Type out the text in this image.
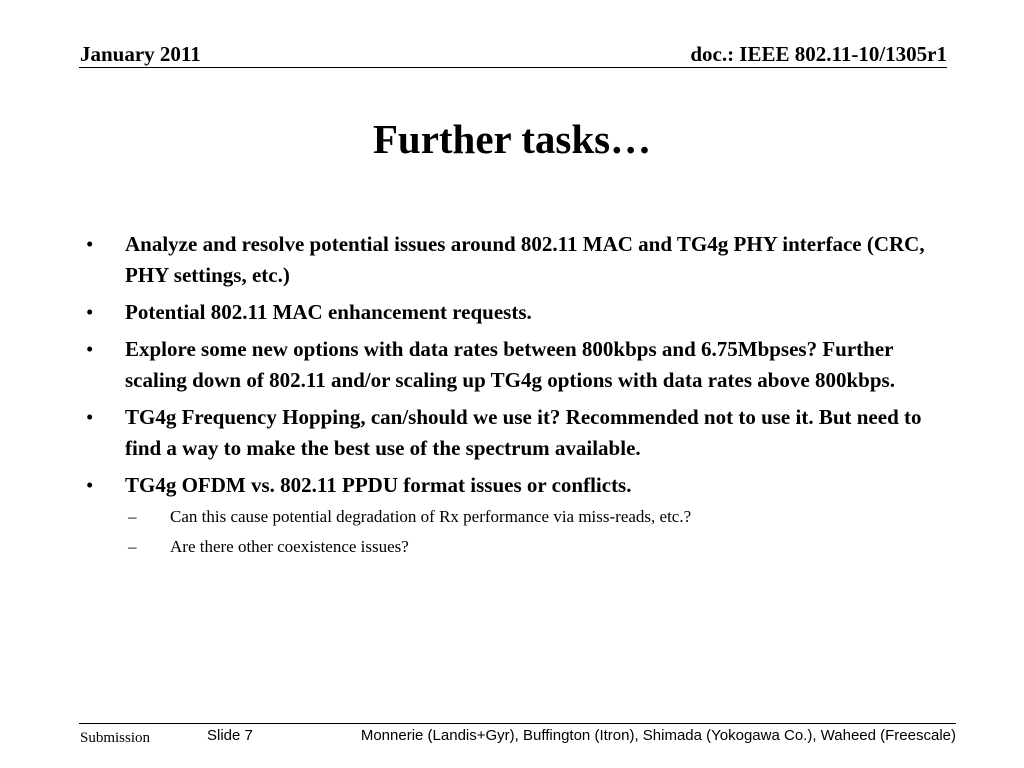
January 2011	doc.: IEEE 802.11-10/1305r1
Further tasks…
•	Analyze and resolve potential issues around 802.11 MAC and TG4g PHY interface (CRC, PHY settings, etc.)
•	Potential 802.11 MAC enhancement requests.
•	Explore some new options with data rates between 800kbps and 6.75Mbpses? Further scaling down of 802.11 and/or scaling up TG4g options with data rates above 800kbps.
•	TG4g Frequency Hopping, can/should we use it? Recommended not to use it. But need to find a way to make the best use of the spectrum available.
•	TG4g OFDM vs. 802.11 PPDU format issues or conflicts.
–	Can this cause potential degradation of Rx performance via miss-reads, etc.?
–	Are there other coexistence issues?
Submission	Slide 7	Monnerie (Landis+Gyr), Buffington (Itron), Shimada (Yokogawa Co.), Waheed (Freescale)
